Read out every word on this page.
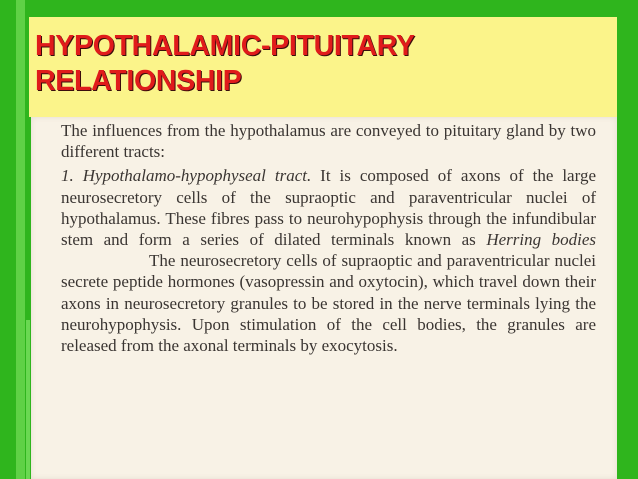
HYPOTHALAMIC-PITUITARY
RELATIONSHIP

The influences from the hypothalamus are conveyed to pituitary gland by two different tracts:

1. Hypothalamo-hypophyseal tract. It is composed of axons of the large neurosecretory cells of the supraoptic and paraventricular nuclei of hypothalamus. These fibres pass to neurohypophysis through the infundibular stem and form a series of dilated terminals known as Herring bodiesThe neurosecretory cells of supraoptic and paraventricular nuclei secrete peptide hormones (vasopressin and oxytocin), which travel down their axons in neurosecretory granules to be stored in the nerve terminals lying the neurohypophysis. Upon stimulation of the cell bodies, the granules are released from the axonal terminals by exocytosis.
